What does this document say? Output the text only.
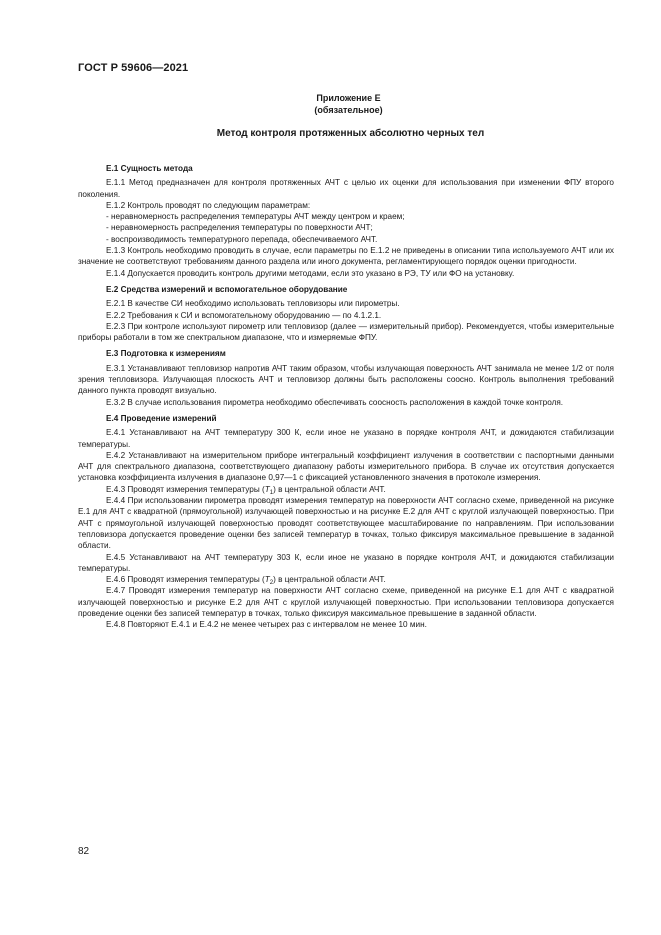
ГОСТ Р 59606—2021
Приложение Е
(обязательное)
Метод контроля протяженных абсолютно черных тел
Е.1 Сущность метода
Е.1.1 Метод предназначен для контроля протяженных АЧТ с целью их оценки для использования при изменении ФПУ второго поколения.
Е.1.2 Контроль проводят по следующим параметрам:
- неравномерность распределения температуры АЧТ между центром и краем;
- неравномерность распределения температуры по поверхности АЧТ;
- воспроизводимость температурного перепада, обеспечиваемого АЧТ.
Е.1.3 Контроль необходимо проводить в случае, если параметры по Е.1.2 не приведены в описании типа используемого АЧТ или их значение не соответствуют требованиям данного раздела или иного документа, регламентирующего порядок оценки пригодности.
Е.1.4 Допускается проводить контроль другими методами, если это указано в РЭ, ТУ или ФО на установку.
Е.2 Средства измерений и вспомогательное оборудование
Е.2.1 В качестве СИ необходимо использовать тепловизоры или пирометры.
Е.2.2 Требования к СИ и вспомогательному оборудованию — по 4.1.2.1.
Е.2.3 При контроле используют пирометр или тепловизор (далее — измерительный прибор). Рекомендуется, чтобы измерительные приборы работали в том же спектральном диапазоне, что и измеряемые ФПУ.
Е.3 Подготовка к измерениям
Е.3.1 Устанавливают тепловизор напротив АЧТ таким образом, чтобы излучающая поверхность АЧТ занимала не менее 1/2 от поля зрения тепловизора. Излучающая плоскость АЧТ и тепловизор должны быть расположены соосно. Контроль выполнения требований данного пункта проводят визуально.
Е.3.2 В случае использования пирометра необходимо обеспечивать соосность расположения в каждой точке контроля.
Е.4 Проведение измерений
Е.4.1 Устанавливают на АЧТ температуру 300 К, если иное не указано в порядке контроля АЧТ, и дожидаются стабилизации температуры.
Е.4.2 Устанавливают на измерительном приборе интегральный коэффициент излучения в соответствии с паспортными данными АЧТ для спектрального диапазона, соответствующего диапазону работы измерительного прибора. В случае их отсутствия допускается установка коэффициента излучения в диапазоне 0,97—1 с фиксацией установленного значения в протоколе измерения.
Е.4.3 Проводят измерения температуры $(T_1)$ в центральной области АЧТ.
Е.4.4 При использовании пирометра проводят измерения температур на поверхности АЧТ согласно схеме, приведенной на рисунке Е.1 для АЧТ с квадратной (прямоугольной) излучающей поверхностью и на рисунке Е.2 для АЧТ с круглой излучающей поверхностью. При АЧТ с прямоугольной излучающей поверхностью проводят соответствующее масштабирование по направлениям. При использовании тепловизора допускается проведение оценки без записей температур в точках, только фиксируя максимальное превышение в заданной области.
Е.4.5 Устанавливают на АЧТ температуру 303 К, если иное не указано в порядке контроля АЧТ, и дожидаются стабилизации температуры.
Е.4.6 Проводят измерения температуры $(T_2)$ в центральной области АЧТ.
Е.4.7 Проводят измерения температур на поверхности АЧТ согласно схеме, приведенной на рисунке Е.1 для АЧТ с квадратной излучающей поверхностью и рисунке Е.2 для АЧТ с круглой излучающей поверхностью. При использовании тепловизора допускается проведение оценки без записей температур в точках, только фиксируя максимальное превышение в заданной области.
Е.4.8 Повторяют Е.4.1 и Е.4.2 не менее четырех раз с интервалом не менее 10 мин.
82
